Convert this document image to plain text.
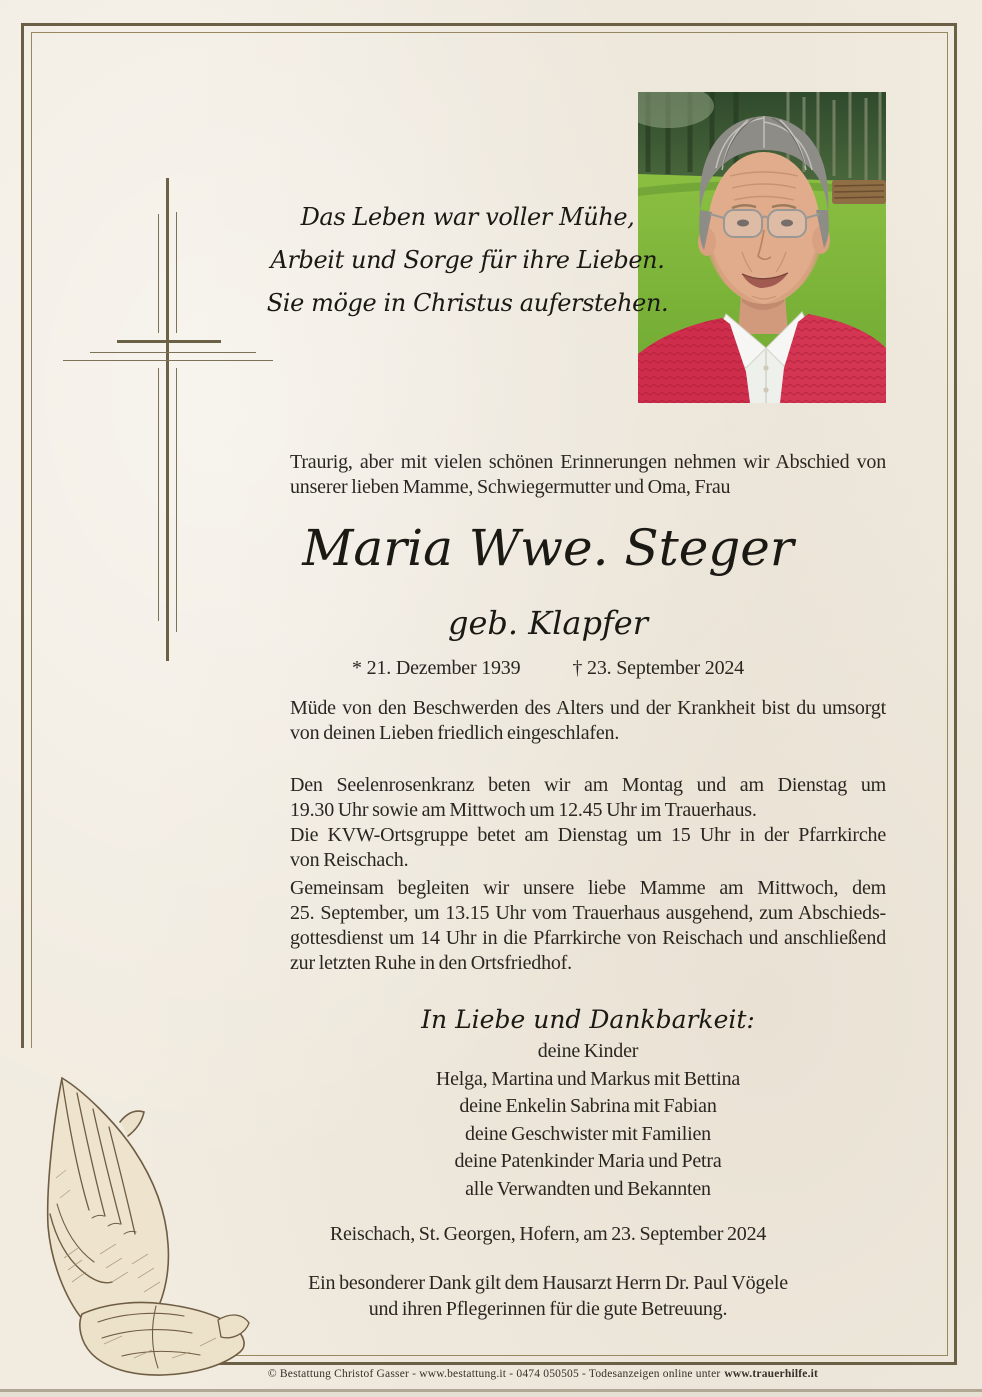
Das Leben war voller Mühe,
Arbeit und Sorge für ihre Lieben.
Sie möge in Christus auferstehen.
Traurig, aber mit vielen schönen Erinnerungen nehmen wir Abschied von
unserer lieben Mamme, Schwiegermutter und Oma, Frau
Maria Wwe. Steger
geb. Klapfer
* 21. Dezember 1939	† 23. September 2024
Müde von den Beschwerden des Alters und der Krankheit bist du umsorgt
von deinen Lieben friedlich eingeschlafen.
Den Seelenrosenkranz beten wir am Montag und am Dienstag um
19.30 Uhr sowie am Mittwoch um 12.45 Uhr im Trauerhaus.
Die KVW-Ortsgruppe betet am Dienstag um 15 Uhr in der Pfarrkirche
von Reischach.
Gemeinsam begleiten wir unsere liebe Mamme am Mittwoch, dem
25. September, um 13.15 Uhr vom Trauerhaus ausgehend, zum Abschieds-
gottesdienst um 14 Uhr in die Pfarrkirche von Reischach und anschließend
zur letzten Ruhe in den Ortsfriedhof.
In Liebe und Dankbarkeit:
deine Kinder
Helga, Martina und Markus mit Bettina
deine Enkelin Sabrina mit Fabian
deine Geschwister mit Familien
deine Patenkinder Maria und Petra
alle Verwandten und Bekannten
Reischach, St. Georgen, Hofern, am 23. September 2024
Ein besonderer Dank gilt dem Hausarzt Herrn Dr. Paul Vögele
und ihren Pflegerinnen für die gute Betreuung.
© Bestattung Christof Gasser - www.bestattung.it - 0474 050505 - Todesanzeigen online unter www.trauerhilfe.it
